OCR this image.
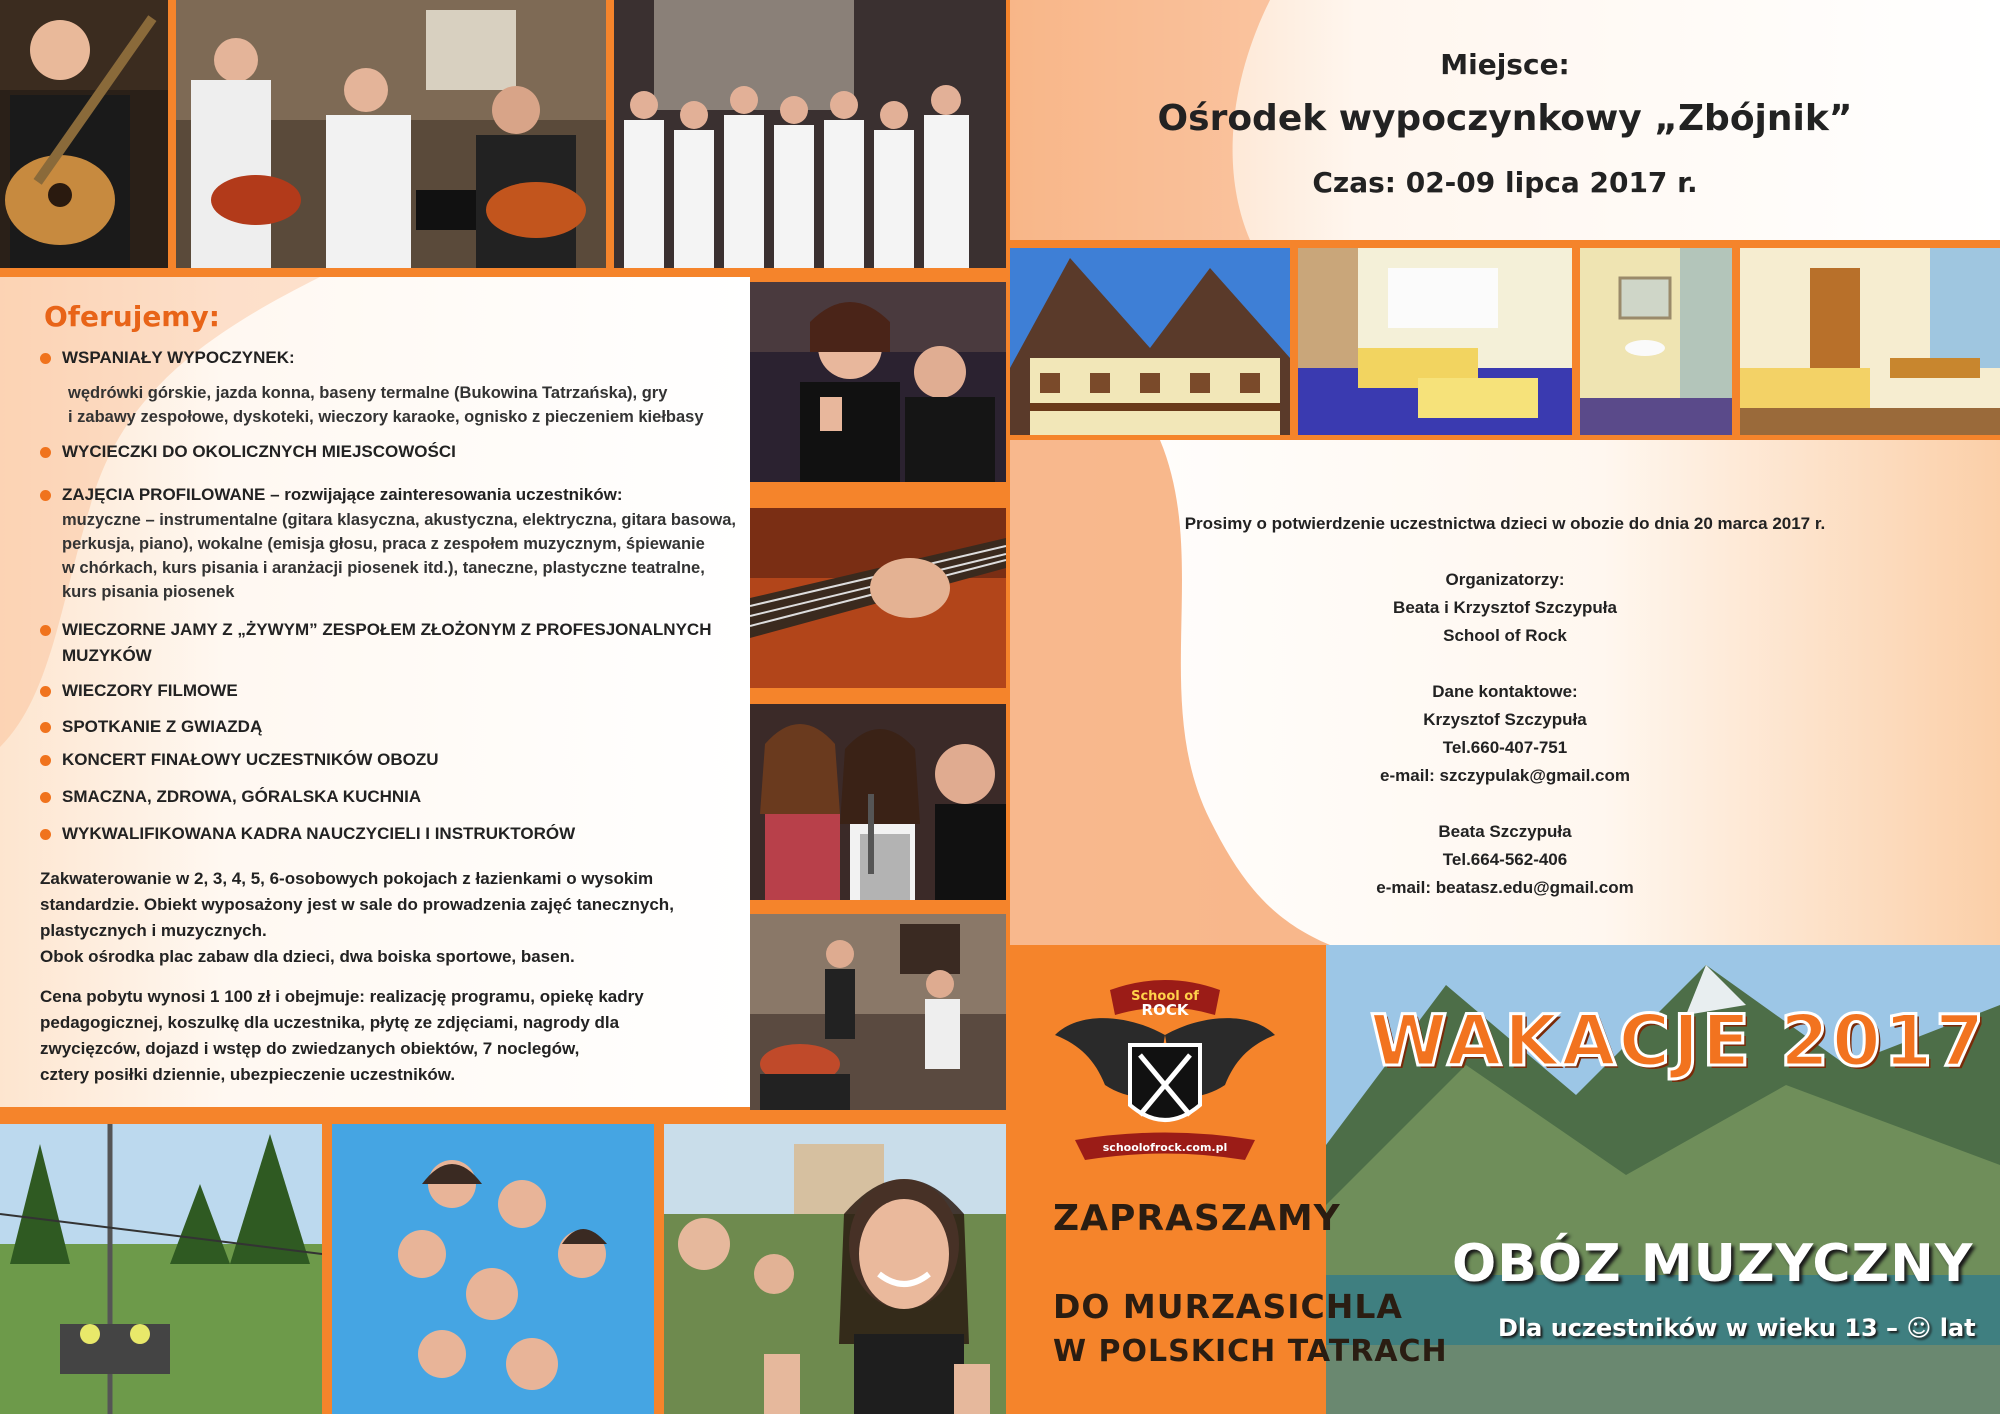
Oferujemy:
WSPANIAŁY WYPOCZYNEK:
wędrówki górskie, jazda konna, baseny termalne (Bukowina Tatrzańska), gry
i zabawy zespołowe, dyskoteki, wieczory karaoke, ognisko z pieczeniem kiełbasy
WYCIECZKI DO OKOLICZNYCH MIEJSCOWOŚCI
ZAJĘCIA PROFILOWANE – rozwijające zainteresowania uczestników:
muzyczne – instrumentalne (gitara klasyczna, akustyczna, elektryczna, gitara basowa,
perkusja, piano), wokalne (emisja głosu, praca z zespołem muzycznym, śpiewanie
w chórkach, kurs pisania i aranżacji piosenek itd.), taneczne, plastyczne teatralne,
kurs pisania piosenek
WIECZORNE JAMY Z „ŻYWYM” ZESPOŁEM ZŁOŻONYM Z PROFESJONALNYCH
MUZYKÓW
WIECZORY FILMOWE
SPOTKANIE Z GWIAZDĄ
KONCERT FINAŁOWY UCZESTNIKÓW OBOZU
SMACZNA, ZDROWA, GÓRALSKA KUCHNIA
WYKWALIFIKOWANA KADRA NAUCZYCIELI I INSTRUKTORÓW
Zakwaterowanie w 2, 3, 4, 5, 6-osobowych pokojach z łazienkami o wysokim
standardzie. Obiekt wyposażony jest w sale do prowadzenia zajęć tanecznych,
plastycznych i muzycznych.
Obok ośrodka plac zabaw dla dzieci, dwa boiska sportowe, basen.
Cena pobytu wynosi 1 100 zł i obejmuje: realizację programu, opiekę kadry
pedagogicznej, koszulkę dla uczestnika, płytę ze zdjęciami, nagrody dla
zwycięzców, dojazd i wstęp do zwiedzanych obiektów, 7 noclegów,
cztery posiłki dziennie, ubezpieczenie uczestników.
Miejsce:
Ośrodek wypoczynkowy „Zbójnik”
Czas: 02-09 lipca 2017 r.
Prosimy o potwierdzenie uczestnictwa dzieci w obozie do dnia 20 marca 2017 r.
Organizatorzy:
Beata i Krzysztof Szczypuła
School of Rock
Dane kontaktowe:
Krzysztof Szczypuła
Tel.660-407-751
e-mail: szczypulak@gmail.com
Beata Szczypuła
Tel.664-562-406
e-mail: beatasz.edu@gmail.com
School of
ROCK
schoolofrock.com.pl
ZAPRASZAMY
DO MURZASICHLA
W POLSKICH TATRACH
WAKACJE 2017
OBÓZ MUZYCZNY
Dla uczestników w wieku 13 – ☺ lat
